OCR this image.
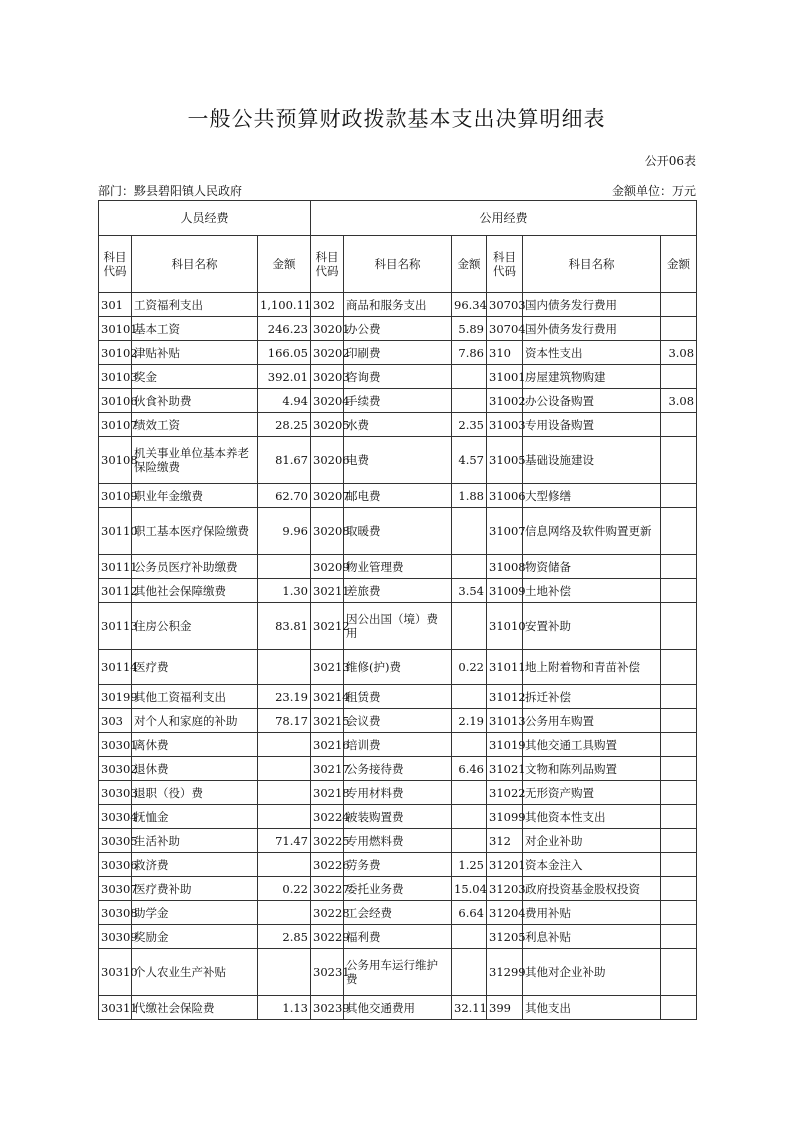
一般公共预算财政拨款基本支出决算明细表
公开06表
部门：黟县碧阳镇人民政府	金额单位：万元
人员经费			公用经费					
科目代码	科目名称	金额	科目代码	科目名称	金额	科目代码	科目名称	金额
301	工资福利支出	1,100.11	302	商品和服务支出	96.34	30703	国内债务发行费用	
30101	基本工资	246.23	30201	办公费	5.89	30704	国外债务发行费用	
30102	津贴补贴	166.05	30202	印刷费	7.86	310	资本性支出	3.08
30103	奖金	392.01	30203	咨询费		31001	房屋建筑物购建	
30106	伙食补助费	4.94	30204	手续费		31002	办公设备购置	3.08
30107	绩效工资	28.25	30205	水费	2.35	31003	专用设备购置	
30108	机关事业单位基本养老保险缴费	81.67	30206	电费	4.57	31005	基础设施建设	
30109	职业年金缴费	62.70	30207	邮电费	1.88	31006	大型修缮	
30110	职工基本医疗保险缴费	9.96	30208	取暖费		31007	信息网络及软件购置更新	
30111	公务员医疗补助缴费		30209	物业管理费		31008	物资储备	
30112	其他社会保障缴费	1.30	30211	差旅费	3.54	31009	土地补偿	
30113	住房公积金	83.81	30212	因公出国（境）费用		31010	安置补助	
30114	医疗费		30213	维修(护)费	0.22	31011	地上附着物和青苗补偿	
30199	其他工资福利支出	23.19	30214	租赁费		31012	拆迁补偿	
303	对个人和家庭的补助	78.17	30215	会议费	2.19	31013	公务用车购置	
30301	离休费		30216	培训费		31019	其他交通工具购置	
30302	退休费		30217	公务接待费	6.46	31021	文物和陈列品购置	
30303	退职（役）费		30218	专用材料费		31022	无形资产购置	
30304	抚恤金		30224	被装购置费		31099	其他资本性支出	
30305	生活补助	71.47	30225	专用燃料费		312	对企业补助	
30306	救济费		30226	劳务费	1.25	31201	资本金注入	
30307	医疗费补助	0.22	30227	委托业务费	15.04	31203	政府投资基金股权投资	
30308	助学金		30228	工会经费	6.64	31204	费用补贴	
30309	奖励金	2.85	30229	福利费		31205	利息补贴	
30310	个人农业生产补贴		30231	公务用车运行维护费		31299	其他对企业补助	
30311	代缴社会保险费	1.13	30239	其他交通费用	32.11	399	其他支出	
